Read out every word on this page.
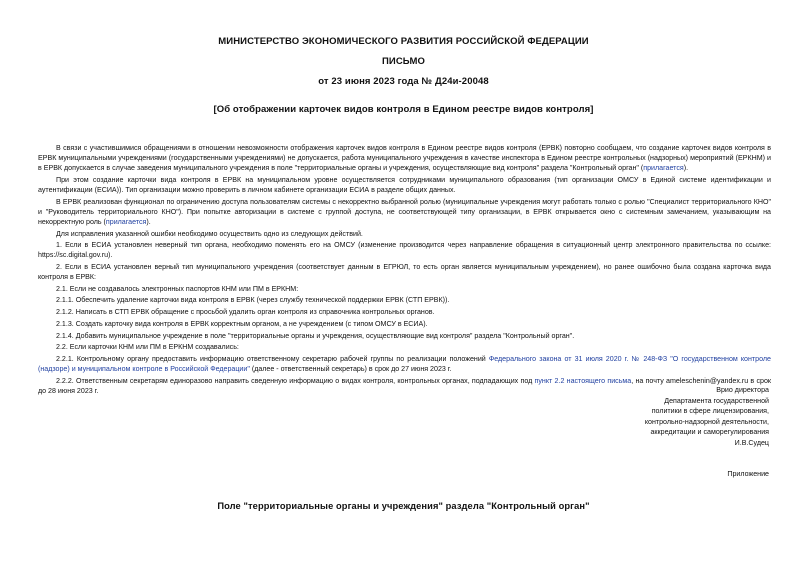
МИНИСТЕРСТВО ЭКОНОМИЧЕСКОГО РАЗВИТИЯ РОССИЙСКОЙ ФЕДЕРАЦИИ
ПИСЬМО
от 23 июня 2023 года № Д24и-20048
[Об отображении карточек видов контроля в Едином реестре видов контроля]

В связи с участившимися обращениями в отношении невозможности отображения карточек видов контроля в Едином реестре видов контроля (ЕРВК) повторно сообщаем, что создание карточек видов контроля в ЕРВК муниципальными учреждениями (государственными учреждениями) не допускается, работа муниципального учреждения в качестве инспектора в Едином реестре контрольных (надзорных) мероприятий (ЕРКНМ) и в ЕРВК допускается в случае заведения муниципального учреждения в поле "территориальные органы и учреждения, осуществляющие вид контроля" раздела "Контрольный орган" (прилагается).

При этом создание карточки вида контроля в ЕРВК на муниципальном уровне осуществляется сотрудниками муниципального образования (тип организации ОМСУ в Единой системе идентификации и аутентификации (ЕСИА)). Тип организации можно проверить в личном кабинете организации ЕСИА в разделе общих данных.

В ЕРВК реализован функционал по ограничению доступа пользователям системы с некорректно выбранной ролью (муниципальные учреждения могут работать только с ролью "Специалист территориального КНО" и "Руководитель территориального КНО"). При попытке авторизации в системе с группой доступа, не соответствующей типу организации, в ЕРВК открывается окно с системным замечанием, указывающим на некорректную роль (прилагается).

Для исправления указанной ошибки необходимо осуществить одно из следующих действий.

1. Если в ЕСИА установлен неверный тип органа, необходимо поменять его на ОМСУ (изменение производится через направление обращения в ситуационный центр электронного правительства по ссылке: https://sc.digital.gov.ru).

2. Если в ЕСИА установлен верный тип муниципального учреждения (соответствует данным в ЕГРЮЛ, то есть орган является муниципальным учреждением), но ранее ошибочно была создана карточка вида контроля в ЕРВК:

2.1. Если не создавалось электронных паспортов КНМ или ПМ в ЕРКНМ:

2.1.1. Обеспечить удаление карточки вида контроля в ЕРВК (через службу технической поддержки ЕРВК (СТП ЕРВК)).

2.1.2. Написать в СТП ЕРВК обращение с просьбой удалить орган контроля из справочника контрольных органов.

2.1.3. Создать карточку вида контроля в ЕРВК корректным органом, а не учреждением (с типом ОМСУ в ЕСИА).

2.1.4. Добавить муниципальное учреждение в поле "территориальные органы и учреждения, осуществляющие вид контроля" раздела "Контрольный орган".

2.2. Если карточки КНМ или ПМ в ЕРКНМ создавались:

2.2.1. Контрольному органу предоставить информацию ответственному секретарю рабочей группы по реализации положений Федерального закона от 31 июля 2020 г. № 248-ФЗ "О государственном контроле (надзоре) и муниципальном контроле в Российской Федерации" (далее - ответственный секретарь) в срок до 27 июня 2023 г.

2.2.2. Ответственным секретарям единоразово направить сведенную информацию о видах контроля, контрольных органах, подпадающих под пункт 2.2 настоящего письма, на почту ameleschenin@yandex.ru в срок до 28 июня 2023 г.	Врио директора
Департамента государственной
политики в сфере лицензирования,
контрольно-надзорной деятельности,
аккредитации и саморегулирования
И.В.Судец
Приложение
Поле "территориальные органы и учреждения" раздела "Контрольный орган"
